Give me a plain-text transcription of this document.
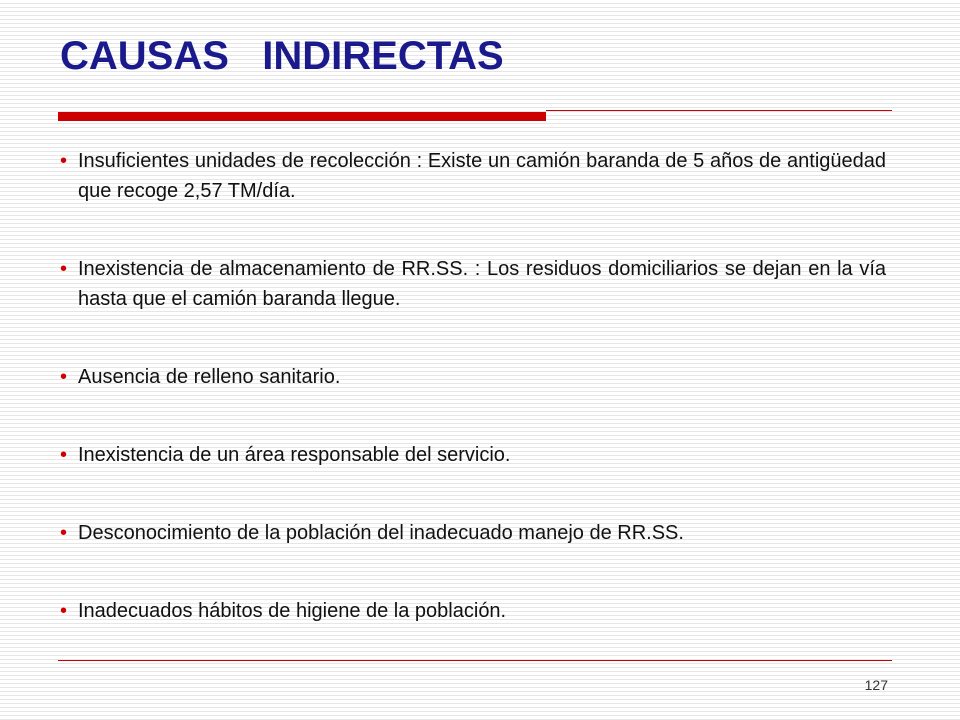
CAUSAS   INDIRECTAS
• Insuficientes unidades de recolección : Existe un camión baranda de 5 años de antigüedad que recoge 2,57 TM/día.
• Inexistencia de almacenamiento de RR.SS. : Los residuos domiciliarios se dejan en la vía hasta que el camión baranda llegue.
• Ausencia de relleno sanitario.
• Inexistencia de un área responsable del servicio.
• Desconocimiento de la población del inadecuado manejo de RR.SS.
• Inadecuados hábitos de higiene de la población.
127
